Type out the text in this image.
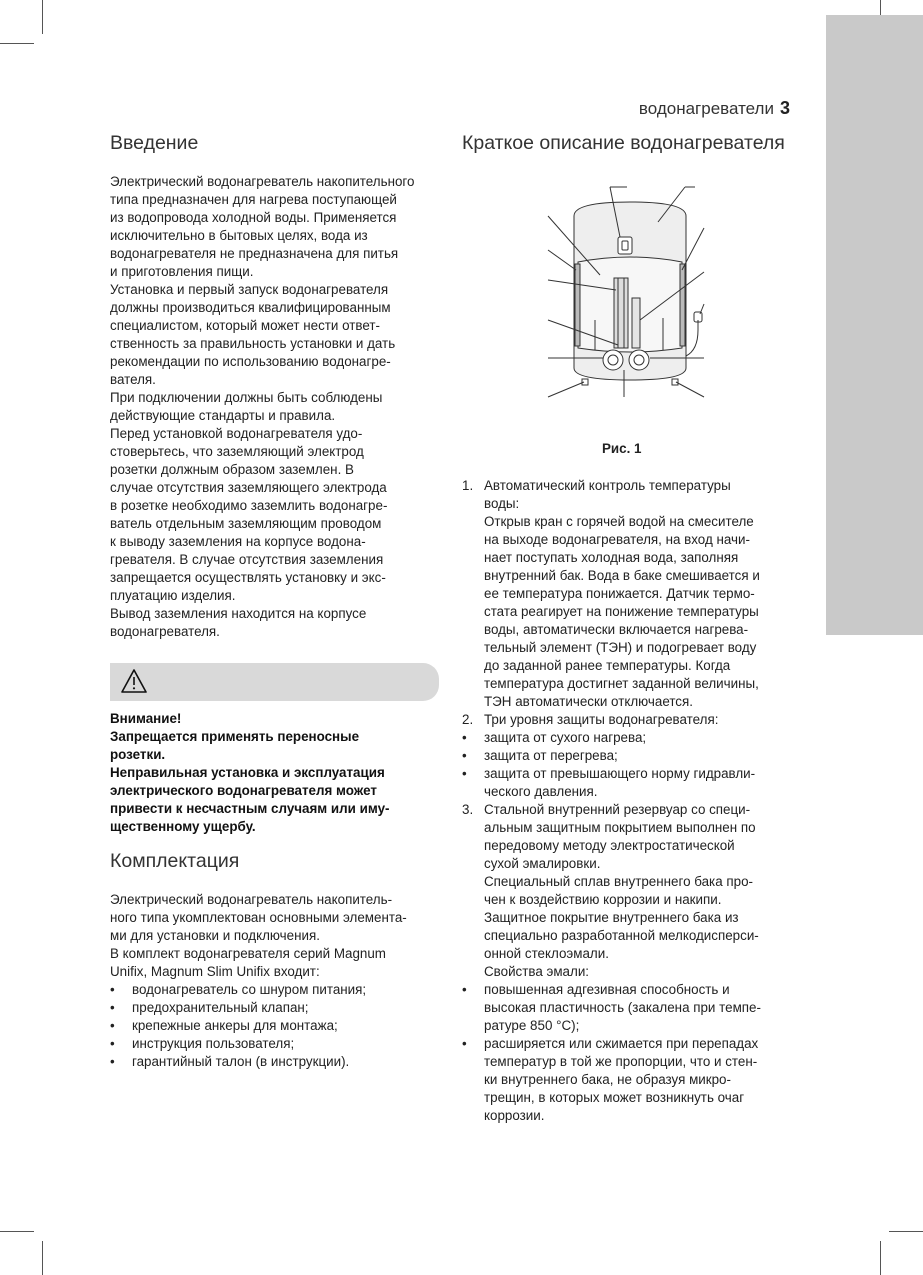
водонагреватели 3
Введение
Электрический водонагреватель накопительного
типа предназначен для нагрева поступающей
из водопровода холодной воды. Применяется
исключительно в бытовых целях, вода из
водонагревателя не предназначена для питья
и приготовления пищи.
Установка и первый запуск водонагревателя
должны производиться квалифицированным
специалистом, который может нести ответ-
ственность за правильность установки и дать
рекомендации по использованию водонагре-
вателя.
При подключении должны быть соблюдены
действующие стандарты и правила.
Перед установкой водонагревателя удо-
стоверьтесь, что заземляющий электрод
розетки должным образом заземлен. В
случае отсутствия заземляющего электрода
в розетке необходимо заземлить водонагре-
ватель отдельным заземляющим проводом
к выводу заземления на корпусе водона-
гревателя. В случае отсутствия заземления
запрещается осуществлять установку и экс-
плуатацию изделия.
Вывод заземления находится на корпусе
водонагревателя.
Внимание!
Запрещается применять переносные
розетки.
Неправильная установка и эксплуатация
электрического водонагревателя может
привести к несчастным случаям или иму-
щественному ущербу.
Комплектация
Электрический водонагреватель накопитель-
ного типа укомплектован основными элемента-
ми для установки и подключения.
В комплект водонагревателя серий Magnum
Unifix, Magnum Slim Unifix входит:
• водонагреватель со шнуром питания;
• предохранительный клапан;
• крепежные анкеры для монтажа;
• инструкция пользователя;
• гарантийный талон (в инструкции).
Краткое описание водонагревателя
Рис. 1
1. Автоматический контроль температуры
воды:
Открыв кран с горячей водой на смесителе
на выходе водонагревателя, на вход начи-
нает поступать холодная вода, заполняя
внутренний бак. Вода в баке смешивается и
ее температура понижается. Датчик термо-
стата реагирует на понижение температуры
воды, автоматически включается нагрева-
тельный элемент (ТЭН) и подогревает воду
до заданной ранее температуры. Когда
температура достигнет заданной величины,
ТЭН автоматически отключается.
2. Три уровня защиты водонагревателя:
• защита от сухого нагрева;
• защита от перегрева;
• защита от превышающего норму гидравли-
ческого давления.
3. Стальной внутренний резервуар со специ-
альным защитным покрытием выполнен по
передовому методу электростатической
сухой эмалировки.
Специальный сплав внутреннего бака про-
чен к воздействию коррозии и накипи.
Защитное покрытие внутреннего бака из
специально разработанной мелкодисперси-
онной стеклоэмали.
Свойства эмали:
• повышенная адгезивная способность и
высокая пластичность (закалена при темпе-
ратуре 850 °С);
• расширяется или сжимается при перепадах
температур в той же пропорции, что и стен-
ки внутреннего бака, не образуя микро-
трещин, в которых может возникнуть очаг
коррозии.
